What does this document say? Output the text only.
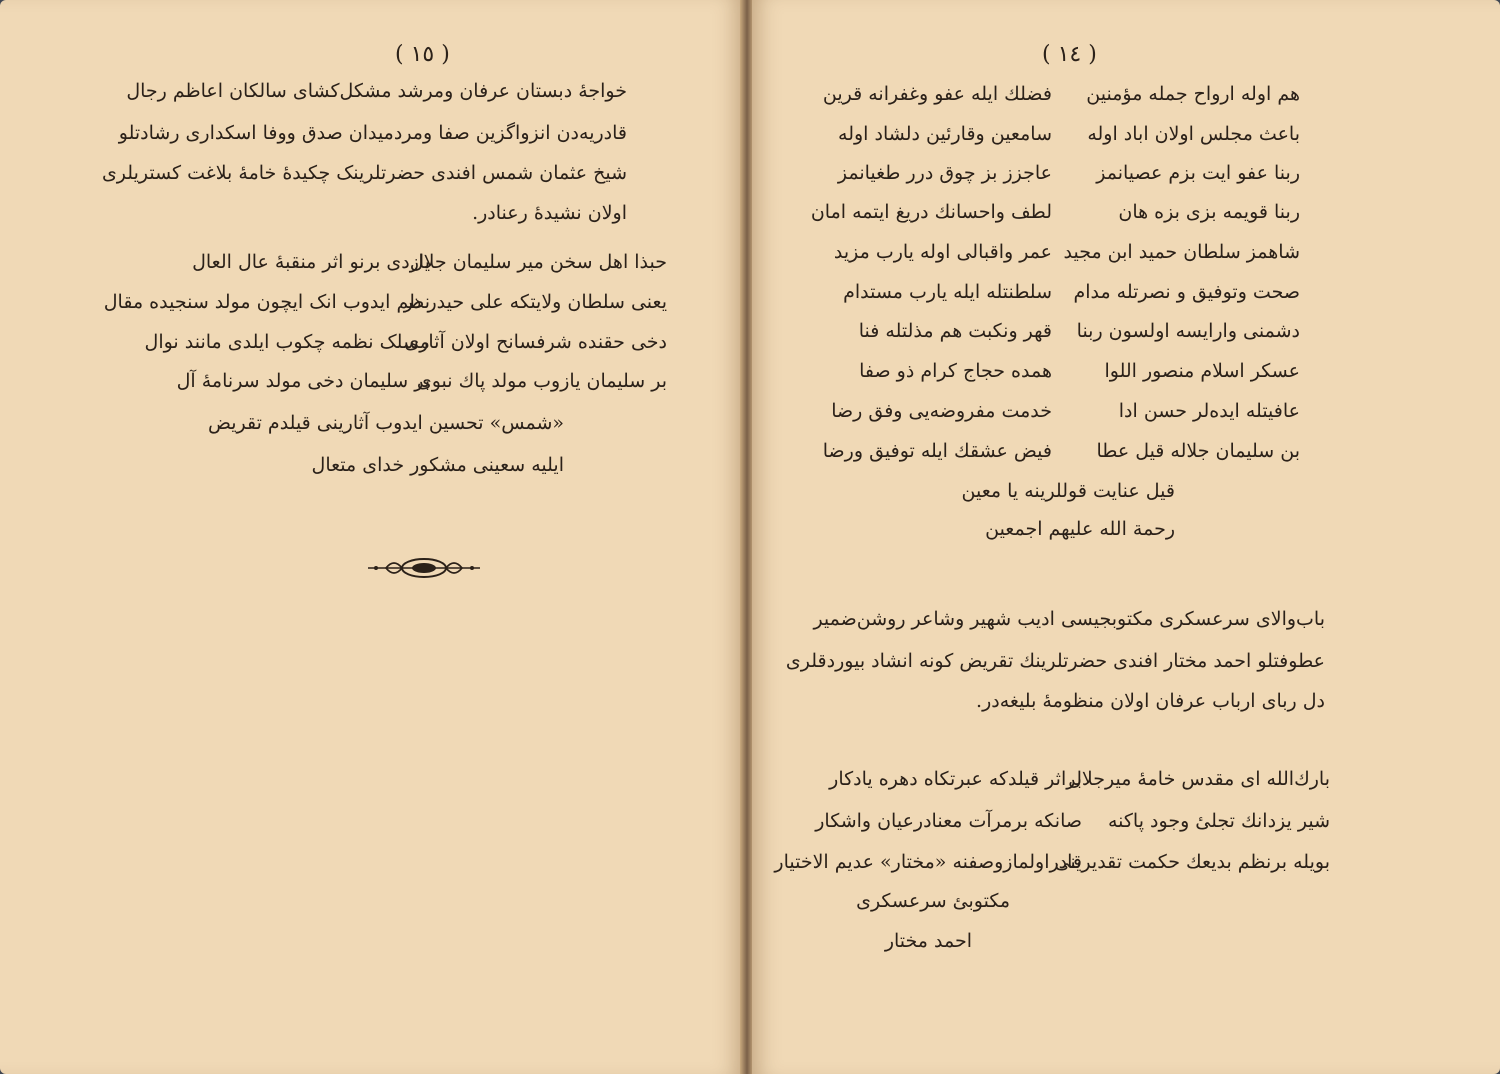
( ١٥ )
خواجهٔ دبستان عرفان ومرشد مشکل‌کشای سالکان اعاظم رجال
قادریه‌دن انزواگزین صفا ومردمیدان صدق ووفا اسکداری رشادتلو
شیخ عثمان شمس افندی حضرتلرینک چکیدهٔ خامهٔ بلاغت کستریلری
اولان نشیدهٔ رعنادر.
حبذا اهل سخن میر سلیمان جلال
یازدی برنو اثر منقبهٔ عال العال
یعنی سلطان ولایتکه علی حیدر در
نظم ایدوب انک ایچون مولد سنجیده مقال
دخی حقنده شرفسانح اولان آثاری
مسلک نظمه چکوب ایلدی مانند نوال
بر سلیمان یازوب مولد پاك نبوی
بر سلیمان دخی مولد سرنامهٔ آل
«شمس» تحسین ایدوب آثارینی قیلدم تقریض
ایلیه سعینی مشکور خدای متعال
( ١٤ )
هم اوله ارواح جمله مؤمنین
فضلك ایله عفو وغفرانه قرین
باعث مجلس اولان اباد اوله
سامعین وقارئین دلشاد اوله
ربنا عفو ایت بزم عصیانمز
عاجزز بز چوق درر طغیانمز
ربنا قویمه بزی بزه هان
لطف واحسانك دریغ ایتمه امان
شاهمز سلطان حمید ابن مجید
عمر واقبالی اوله یارب مزید
صحت وتوفیق و نصرتله مدام
سلطنتله ایله یارب مستدام
دشمنی وارایسه اولسون ربنا
قهر ونکبت هم مذلتله فنا
عسکر اسلام منصور اللوا
همده حجاج کرام ذو صفا
عافیتله ایده‌لر حسن ادا
خدمت مفروضه‌یی وفق رضا
بن سلیمان جلاله قیل عطا
فیض عشقك ایله توفیق ورضا
قیل عنایت قوللرینه یا معین
رحمة الله علیهم اجمعین
باب‌والای سرعسکری مکتوبجیسی ادیب شهیر وشاعر روشن‌ضمیر
عطوفتلو احمد مختار افندی حضرتلرینك تقریض کونه انشاد بیوردقلری
دل ربای ارباب عرفان اولان منظومهٔ بلیغه‌در.
بارك‌الله ای مقدس خامهٔ میرجلال
براثر قیلدکه عبرتکاه دهره یادکار
شیر یزدانك تجلیٔ وجود پاکنه
صانکه برمرآت معنادرعیان واشکار
بویله برنظم بدیعك حکمت تقدیرینی
قادراولمازوصفنه «مختار» عدیم الاختیار
مکتوبئ سرعسکری
احمد مختار
